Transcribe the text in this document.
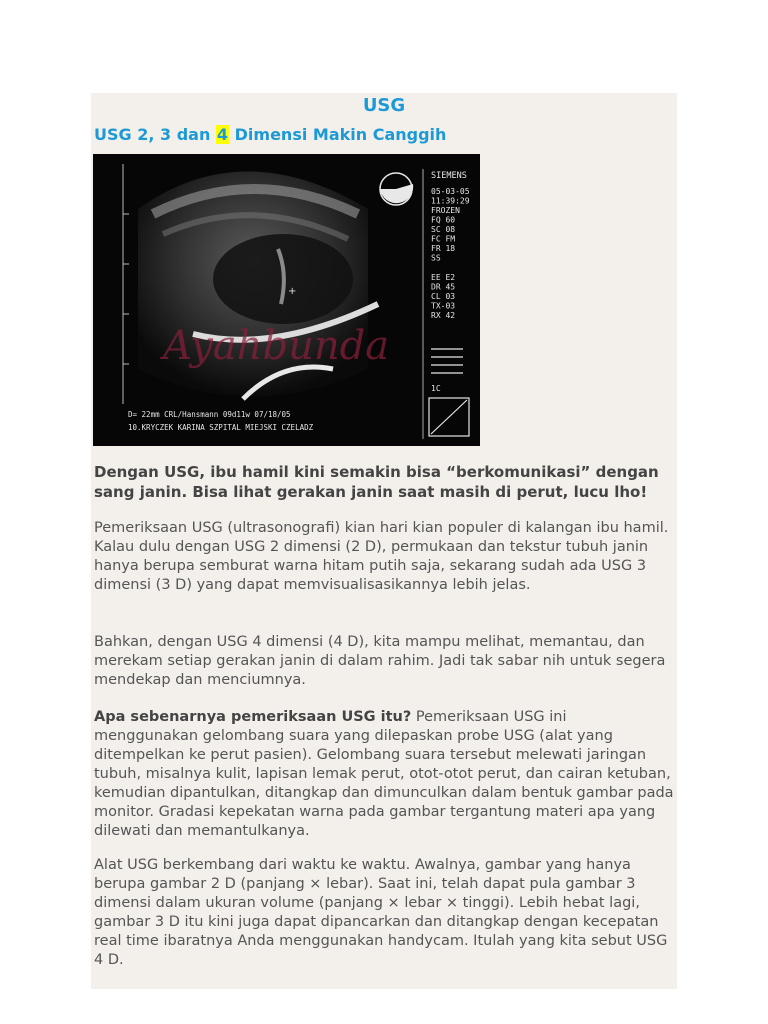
USG
USG 2, 3 dan 4 Dimensi Makin Canggih
+
Ayahbunda
SIEMENS
05-03-05
11:39:29
FROZEN
FQ 60
SC 08
FC FM
FR 18
SS
EE E2
DR 45
CL 03
TX-03
RX 42
1C
D= 22mm CRL/Hansmann 09d11w 07/18/05
10.KRYCZEK KARINA SZPITAL MIEJSKI CZELADZ
Dengan USG, ibu hamil kini semakin bisa “berkomunikasi” dengan sang janin. Bisa lihat gerakan janin saat masih di perut, lucu lho!
Pemeriksaan USG (ultrasonografi) kian hari kian populer di kalangan ibu hamil. Kalau dulu dengan USG 2 dimensi (2 D), permukaan dan tekstur tubuh janin hanya berupa semburat warna hitam putih saja, sekarang sudah ada USG 3 dimensi (3 D) yang dapat memvisualisasikannya lebih jelas.
Bahkan, dengan USG 4 dimensi (4 D), kita mampu melihat, memantau, dan merekam setiap gerakan janin di dalam rahim. Jadi tak sabar nih untuk segera mendekap dan menciumnya.
Apa sebenarnya pemeriksaan USG itu? Pemeriksaan USG ini menggunakan gelombang suara yang dilepaskan probe USG (alat yang ditempelkan ke perut pasien). Gelombang suara tersebut melewati jaringan tubuh, misalnya kulit, lapisan lemak perut, otot-otot perut, dan cairan ketuban, kemudian dipantulkan, ditangkap dan dimunculkan dalam bentuk gambar pada monitor. Gradasi kepekatan warna pada gambar tergantung materi apa yang dilewati dan memantulkanya.
Alat USG berkembang dari waktu ke waktu. Awalnya, gambar yang hanya berupa gambar 2 D (panjang × lebar). Saat ini, telah dapat pula gambar 3 dimensi dalam ukuran volume (panjang × lebar × tinggi). Lebih hebat lagi, gambar 3 D itu kini juga dapat dipancarkan dan ditangkap dengan kecepatan real time ibaratnya Anda menggunakan handycam. Itulah yang kita sebut USG 4 D.
